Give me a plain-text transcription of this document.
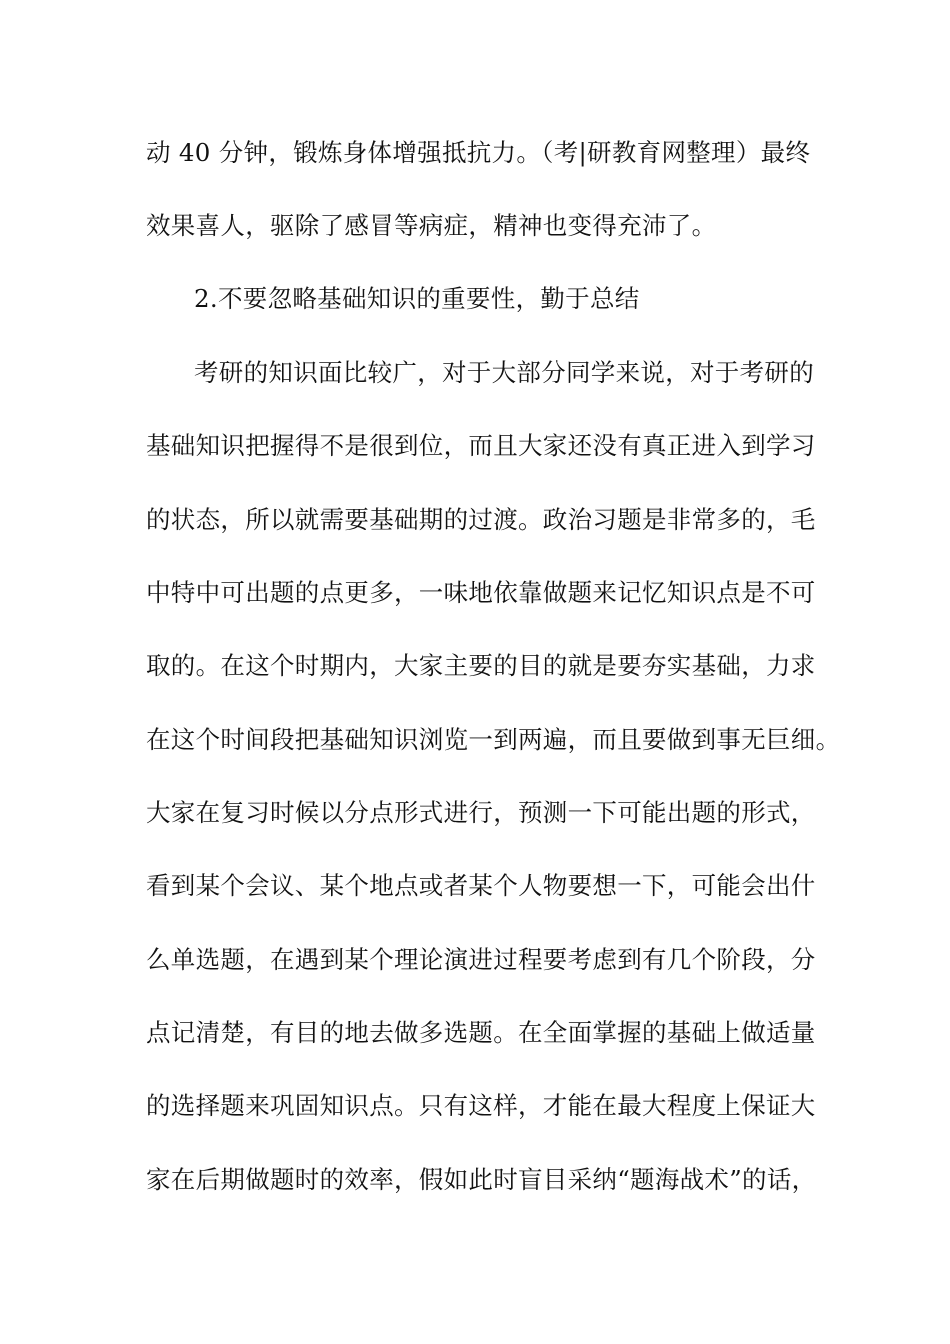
动 40 分钟，锻炼身体增强抵抗力。（考|研教育网整理）最终
效果喜人，驱除了感冒等病症，精神也变得充沛了。
2.不要忽略基础知识的重要性，勤于总结
考研的知识面比较广，对于大部分同学来说，对于考研的
基础知识把握得不是很到位，而且大家还没有真正进入到学习
的状态，所以就需要基础期的过渡。政治习题是非常多的，毛
中特中可出题的点更多，一味地依靠做题来记忆知识点是不可
取的。在这个时期内，大家主要的目的就是要夯实基础，力求
在这个时间段把基础知识浏览一到两遍，而且要做到事无巨细。
大家在复习时候以分点形式进行，预测一下可能出题的形式，
看到某个会议、某个地点或者某个人物要想一下，可能会出什
么单选题，在遇到某个理论演进过程要考虑到有几个阶段，分
点记清楚，有目的地去做多选题。在全面掌握的基础上做适量
的选择题来巩固知识点。只有这样，才能在最大程度上保证大
家在后期做题时的效率，假如此时盲目采纳“题海战术”的话，
